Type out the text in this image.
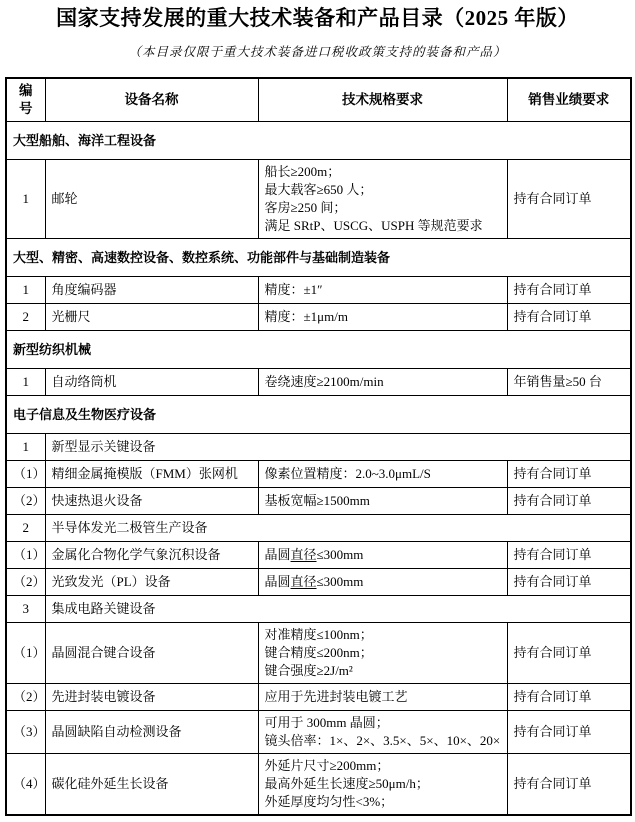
国家支持发展的重大技术装备和产品目录（2025 年版）
（本目录仅限于重大技术装备进口税收政策支持的装备和产品）
编号	设备名称	技术规格要求	销售业绩要求
大型船舶、海洋工程设备			
1	邮轮	船长≥200m；
最大载客≥650 人；
客房≥250 间；
满足 SRtP、USCG、USPH 等规范要求	持有合同订单
大型、精密、高速数控设备、数控系统、功能部件与基础制造装备			
1	角度编码器	精度：±1″	持有合同订单
2	光栅尺	精度：±1μm/m	持有合同订单
新型纺织机械			
1	自动络筒机	卷绕速度≥2100m/min	年销售量≥50 台
电子信息及生物医疗设备			
1	新型显示关键设备		
（1）	精细金属掩模版（FMM）张网机	像素位置精度：2.0~3.0μmL/S	持有合同订单
（2）	快速热退火设备	基板宽幅≥1500mm	持有合同订单
2	半导体发光二极管生产设备		
（1）	金属化合物化学气象沉积设备	晶圆直径≤300mm	持有合同订单
（2）	光致发光（PL）设备	晶圆直径≤300mm	持有合同订单
3	集成电路关键设备		
（1）	晶圆混合键合设备	对准精度≤100nm；
键合精度≤200nm；
键合强度≥2J/m²	持有合同订单
（2）	先进封装电镀设备	应用于先进封装电镀工艺	持有合同订单
（3）	晶圆缺陷自动检测设备	可用于 300mm 晶圆；
镜头倍率：1×、2×、3.5×、5×、10×、20×	持有合同订单
（4）	碳化硅外延生长设备	外延片尺寸≥200mm；
最高外延生长速度≥50μm/h；
外延厚度均匀性<3%；	持有合同订单
